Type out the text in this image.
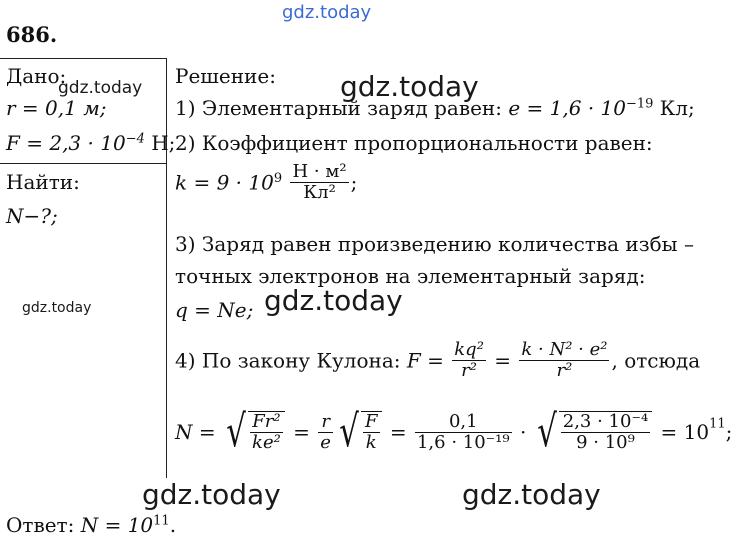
gdz.today
686.
Дано:
r = 0,1 м;
$F = 2,3 \cdot 10^{-4}$ Н;
Найти:
N−?;
gdz.today Решение: gdz.today
1) Элементарный заряд равен: $e = 1,6 \cdot 10^{-19}$ Кл;
2) Коэффициент пропорциональности равен:
$k = 9 \cdot 10^9 \frac{\text{Н · м²}}{\text{Кл²}}$ ;
3) Заряд равен произведению количества избы –
точных электронов на элементарный заряд:
gdz.today	q = Ne; gdz.today
4) По закону Кулона: $F = \frac{\text{kq²}}{\text{r²}} = \frac{\text{k · N² · e²}}{\text{r²}}$ , отсюда
N = √ $\frac{\text{Fr²}}{\text{ke²}} = \frac{r}{e}$ √ $\frac{F}{k} = \frac{0,1}{\text{1,6 · 10⁻¹⁹}}$ · √ $\frac{\text{2,3 · 10⁻⁴}}{\text{9 · 10⁹}} = 10^{11}$;
gdz.today	gdz.today
Ответ: $N = 10^{11}$.
